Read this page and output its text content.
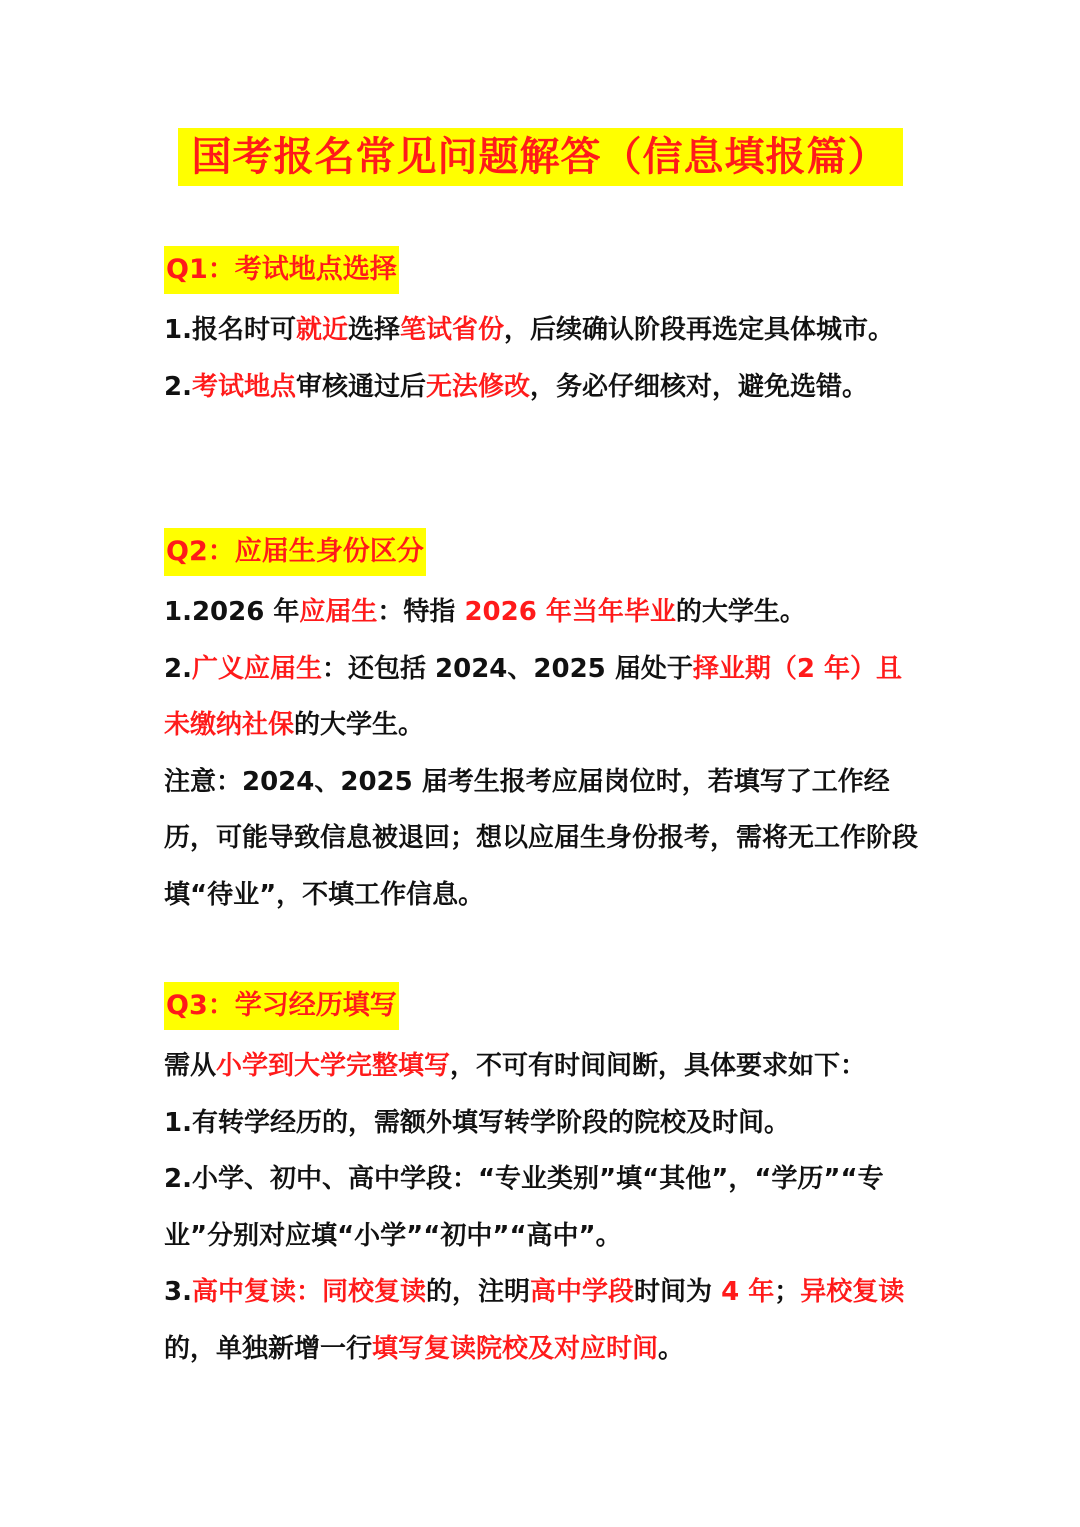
国考报名常见问题解答（信息填报篇）
Q1：考试地点选择

1.报名时可就近选择笔试省份，后续确认阶段再选定具体城市。

2.考试地点审核通过后无法修改，务必仔细核对，避免选错。

Q2：应届生身份区分

1.2026 年应届生：特指 2026 年当年毕业的大学生。

2.广义应届生：还包括 2024、2025 届处于择业期（2 年）且未缴纳社保的大学生。

注意：2024、2025 届考生报考应届岗位时，若填写了工作经历，可能导致信息被退回；想以应届生身份报考，需将无工作阶段填“待业”，不填工作信息。

Q3：学习经历填写

需从小学到大学完整填写，不可有时间间断，具体要求如下：

1.有转学经历的，需额外填写转学阶段的院校及时间。

2.小学、初中、高中学段：“专业类别”填“其他”，“学历”“专业”分别对应填“小学”“初中”“高中”。

3.高中复读：同校复读的，注明高中学段时间为 4 年；异校复读的，单独新增一行填写复读院校及对应时间。
